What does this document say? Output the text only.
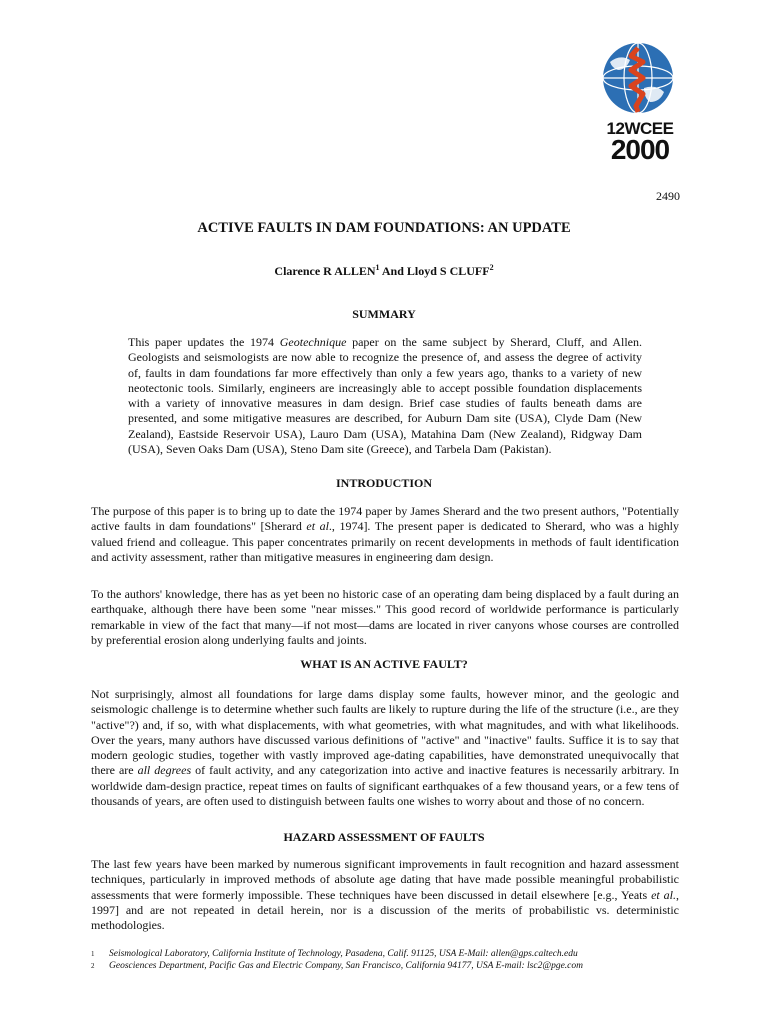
12WCEE
2000
2490
ACTIVE FAULTS IN DAM FOUNDATIONS: AN UPDATE
Clarence R ALLEN$^1$ And Lloyd S CLUFF$^2$
SUMMARY

This paper updates the 1974 Geotechnique paper on the same subject by Sherard, Cluff, and Allen. Geologists and seismologists are now able to recognize the presence of, and assess the degree of activity of, faults in dam foundations far more effectively than only a few years ago, thanks to a variety of new neotectonic tools. Similarly, engineers are increasingly able to accept possible foundation displacements with a variety of innovative measures in dam design. Brief case studies of faults beneath dams are presented, and some mitigative measures are described, for Auburn Dam site (USA), Clyde Dam (New Zealand), Eastside Reservoir USA), Lauro Dam (USA), Matahina Dam (New Zealand), Ridgway Dam (USA), Seven Oaks Dam (USA), Steno Dam site (Greece), and Tarbela Dam (Pakistan).

INTRODUCTION

The purpose of this paper is to bring up to date the 1974 paper by James Sherard and the two present authors, "Potentially active faults in dam foundations" [Sherard et al., 1974]. The present paper is dedicated to Sherard, who was a highly valued friend and colleague. This paper concentrates primarily on recent developments in methods of fault identification and activity assessment, rather than mitigative measures in engineering dam design.

To the authors' knowledge, there has as yet been no historic case of an operating dam being displaced by a fault during an earthquake, although there have been some "near misses." This good record of worldwide performance is particularly remarkable in view of the fact that many—if not most—dams are located in river canyons whose courses are controlled by preferential erosion along underlying faults and joints.

WHAT IS AN ACTIVE FAULT?

Not surprisingly, almost all foundations for large dams display some faults, however minor, and the geologic and seismologic challenge is to determine whether such faults are likely to rupture during the life of the structure (i.e., are they "active"?) and, if so, with what displacements, with what geometries, with what magnitudes, and with what likelihoods. Over the years, many authors have discussed various definitions of "active" and "inactive" faults. Suffice it is to say that modern geologic studies, together with vastly improved age-dating capabilities, have demonstrated unequivocally that there are all degrees of fault activity, and any categorization into active and inactive features is necessarily arbitrary. In worldwide dam-design practice, repeat times on faults of significant earthquakes of a few thousand years, or a few tens of thousands of years, are often used to distinguish between faults one wishes to worry about and those of no concern.

HAZARD ASSESSMENT OF FAULTS

The last few years have been marked by numerous significant improvements in fault recognition and hazard assessment techniques, particularly in improved methods of absolute age dating that have made possible meaningful probabilistic assessments that were formerly impossible. These techniques have been discussed in detail elsewhere [e.g., Yeats et al., 1997] and are not repeated in detail herein, nor is a discussion of the merits of probabilistic vs. deterministic methodologies.

1	Seismological Laboratory, California Institute of Technology, Pasadena, Calif. 91125, USA E-Mail: allen@gps.caltech.edu
2	Geosciences Department, Pacific Gas and Electric Company, San Francisco, California 94177, USA E-mail: lsc2@pge.com
